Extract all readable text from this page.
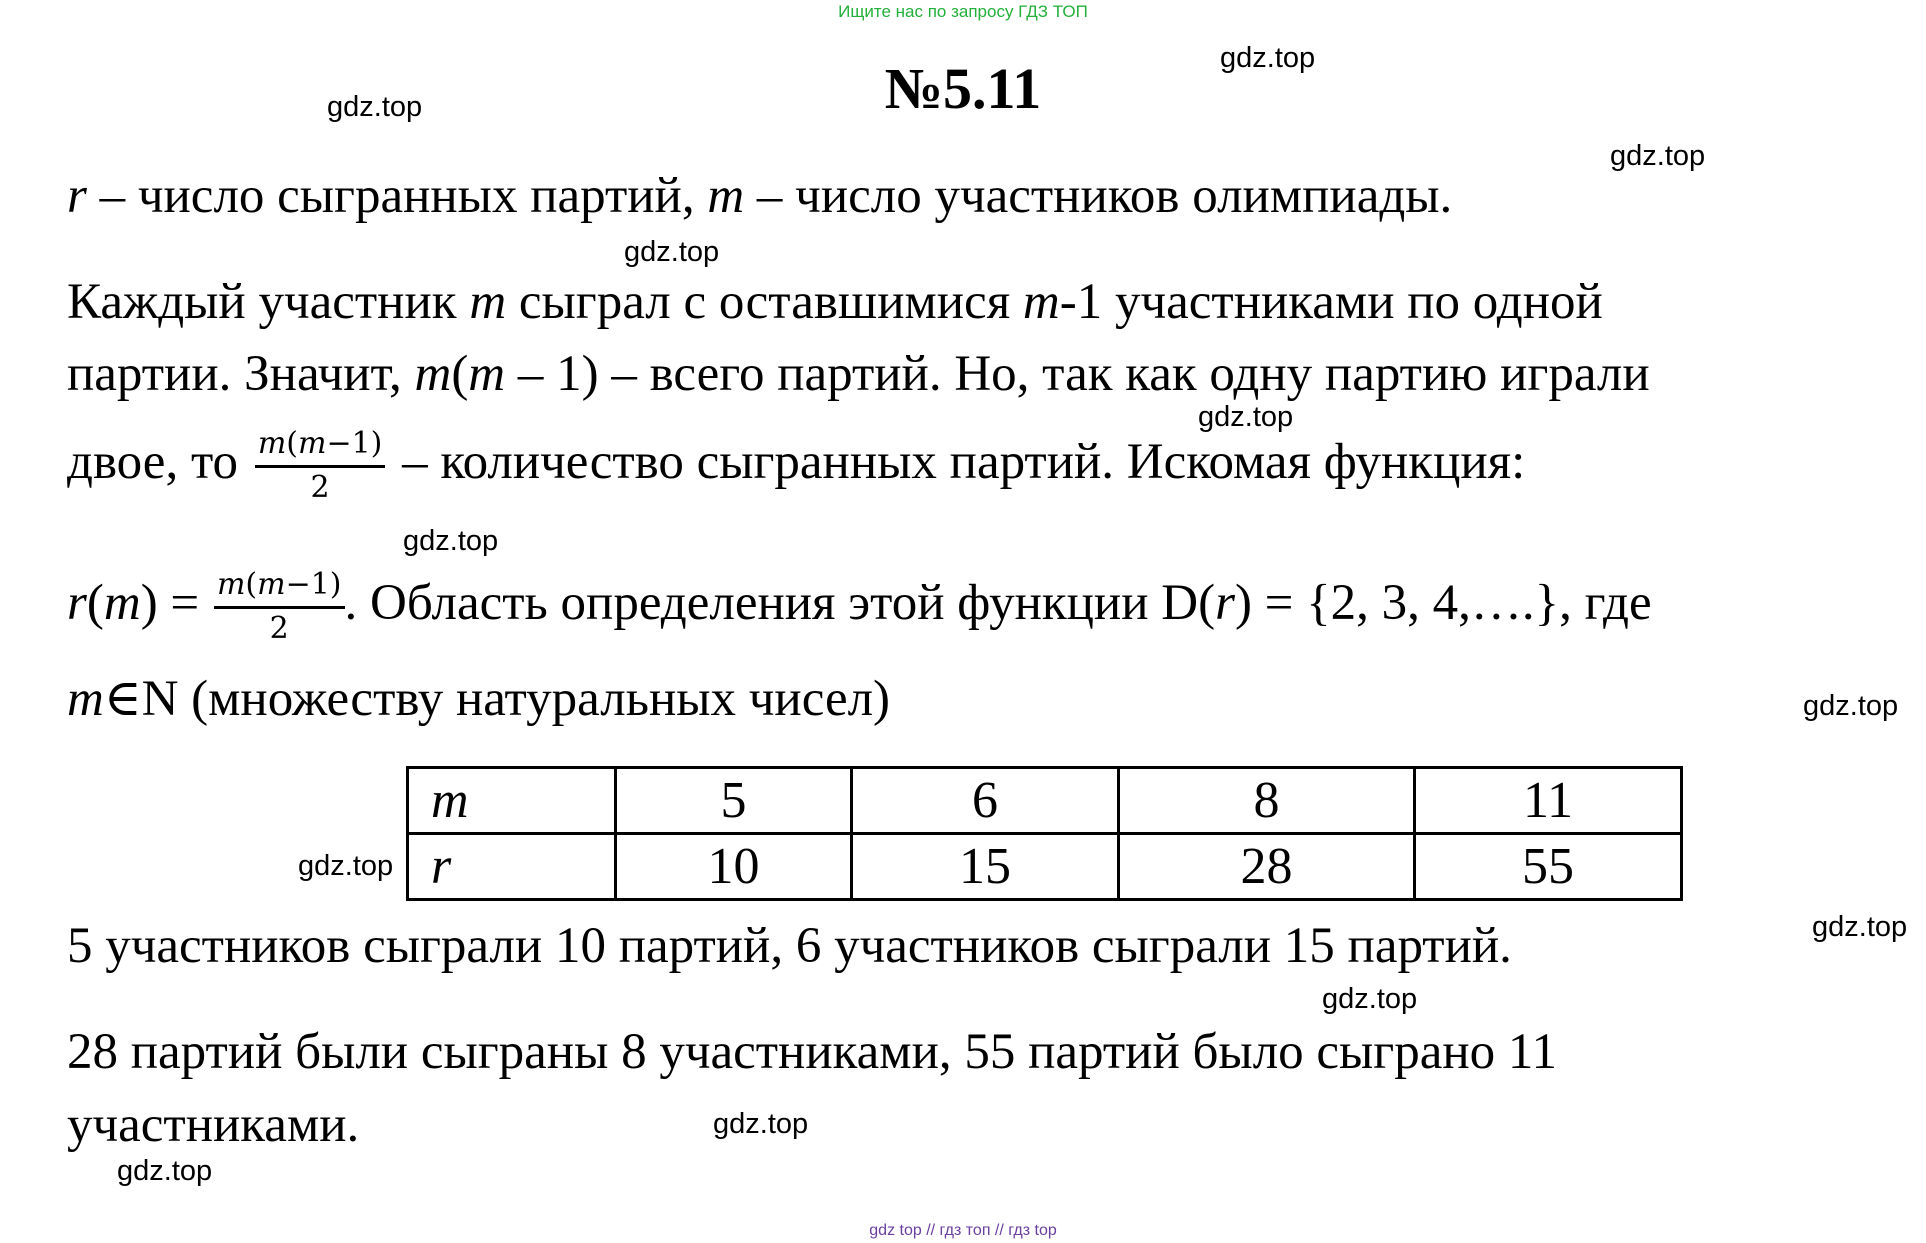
Ищите нас по запросу ГДЗ ТОП
№5.11	gdz.top
gdz.top
gdz.top
gdz.top
gdz.top
gdz.top
gdz.top
gdz.top
gdz.top
gdz.top
gdz.top
gdz.top
r – число сыгранных партий, m – число участников олимпиады.
Каждый участник m сыграл с оставшимися m-1 участниками по одной
партии. Значит, m(m – 1) – всего партий. Но, так как одну партию играли
двое, то $\frac{m(m-1)}{2}$ – количество сыгранных партий. Искомая функция:
$r(m) = \frac{m(m-1)}{2}$ . Область определения этой функции D(r) = {2, 3, 4,….}, где
m∈N (множеству натуральных чисел)
m	5	6	8	11
r	10	15	28	55
5 участников сыграли 10 партий, 6 участников сыграли 15 партий.
28 партий были сыграны 8 участниками, 55 партий было сыграно 11
участниками.
gdz top // гдз топ // гдз top
